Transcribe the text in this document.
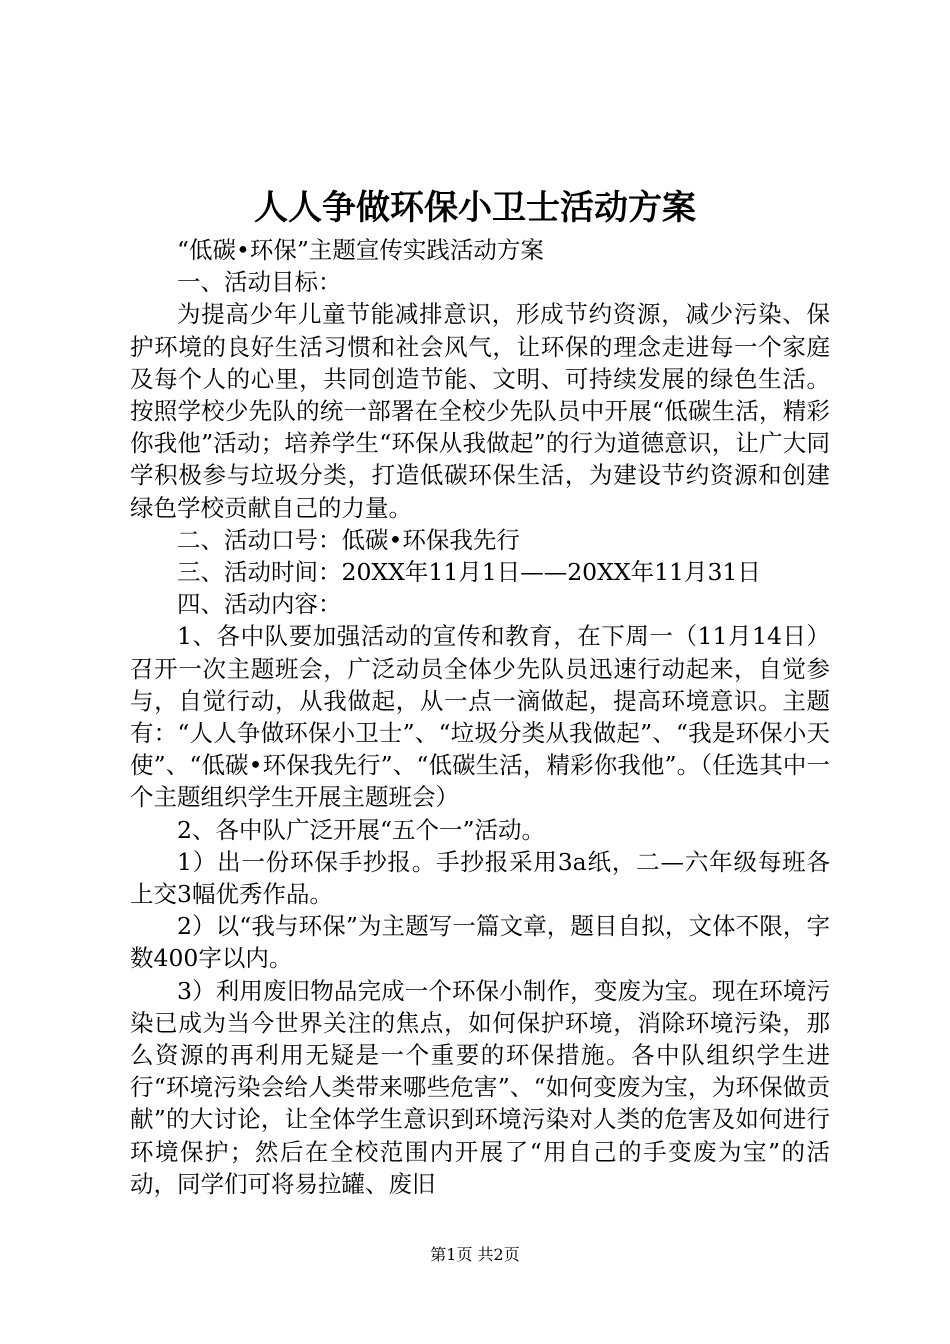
人人争做环保小卫士活动方案

“低碳•环保”主题宣传实践活动方案

一、活动目标：

为提高少年儿童节能减排意识，形成节约资源，减少污染、保护环境的良好生活习惯和社会风气，让环保的理念走进每一个家庭及每个人的心里，共同创造节能、文明、可持续发展的绿色生活。按照学校少先队的统一部署在全校少先队员中开展“低碳生活，精彩你我他”活动；培养学生“环保从我做起”的行为道德意识，让广大同学积极参与垃圾分类，打造低碳环保生活，为建设节约资源和创建绿色学校贡献自己的力量。

二、活动口号：低碳•环保我先行

三、活动时间：20XX年11月1日——20XX年11月31日

四、活动内容：

1、各中队要加强活动的宣传和教育，在下周一（11月14日）召开一次主题班会，广泛动员全体少先队员迅速行动起来，自觉参与，自觉行动，从我做起，从一点一滴做起，提高环境意识。主题有：“人人争做环保小卫士”、“垃圾分类从我做起”、“我是环保小天使”、“低碳•环保我先行”、“低碳生活，精彩你我他”。（任选其中一个主题组织学生开展主题班会）

2、各中队广泛开展“五个一”活动。

1）出一份环保手抄报。手抄报采用3a纸，二—六年级每班各上交3幅优秀作品。

2）以“我与环保”为主题写一篇文章，题目自拟，文体不限，字数400字以内。

3）利用废旧物品完成一个环保小制作，变废为宝。现在环境污染已成为当今世界关注的焦点，如何保护环境，消除环境污染，那么资源的再利用无疑是一个重要的环保措施。各中队组织学生进行“环境污染会给人类带来哪些危害”、“如何变废为宝，为环保做贡献”的大讨论，让全体学生意识到环境污染对人类的危害及如何进行环境保护；然后在全校范围内开展了“用自己的手变废为宝”的活动，同学们可将易拉罐、废旧

第1页 共2页
